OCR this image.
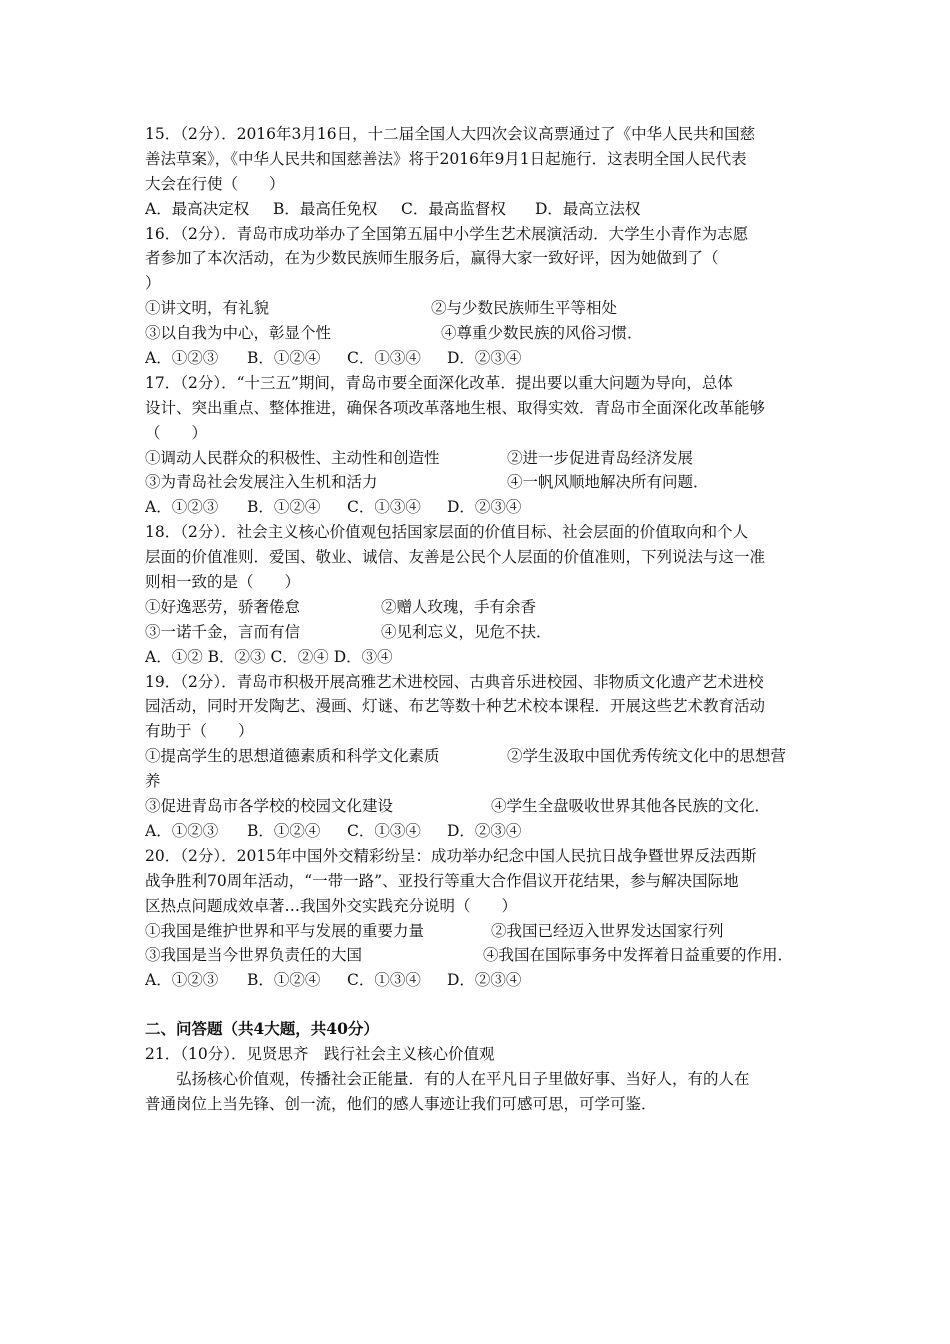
15．（2分）．2016年3月16日，十二届全国人大四次会议高票通过了《中华人民共和国慈
善法草案》，《中华人民共和国慈善法》将于2016年9月1日起施行．这表明全国人民代表
大会在行使（　　）
A．最高决定权 B．最高任免权 C．最高监督权 D．最高立法权
16．（2分）．青岛市成功举办了全国第五届中小学生艺术展演活动．大学生小青作为志愿
者参加了本次活动，在为少数民族师生服务后，赢得大家一致好评，因为她做到了（
）
①讲文明，有礼貌	②与少数民族师生平等相处
③以自我为中心，彰显个性	④尊重少数民族的风俗习惯．
A．①②③ B．①②④ C．①③④ D．②③④
17．（2分）．“十三五”期间，青岛市要全面深化改革．提出要以重大问题为导向，总体
设计、突出重点、整体推进，确保各项改革落地生根、取得实效．青岛市全面深化改革能够
（　　）
①调动人民群众的积极性、主动性和创造性	②进一步促进青岛经济发展
③为青岛社会发展注入生机和活力	④一帆风顺地解决所有问题．
A．①②③ B．①②④ C．①③④ D．②③④
18．（2分）．社会主义核心价值观包括国家层面的价值目标、社会层面的价值取向和个人
层面的价值准则．爱国、敬业、诚信、友善是公民个人层面的价值准则，下列说法与这一准
则相一致的是（　　）
①好逸恶劳，骄奢倦怠	②赠人玫瑰，手有余香
③一诺千金，言而有信	④见利忘义，见危不扶．
A．①② B．②③ C．②④ D．③④
19．（2分）．青岛市积极开展高雅艺术进校园、古典音乐进校园、非物质文化遗产艺术进校
园活动，同时开发陶艺、漫画、灯谜、布艺等数十种艺术校本课程．开展这些艺术教育活动
有助于（　　）
①提高学生的思想道德素质和科学文化素质	②学生汲取中国优秀传统文化中的思想营
养
③促进青岛市各学校的校园文化建设	④学生全盘吸收世界其他各民族的文化．
A．①②③ B．①②④ C．①③④ D．②③④
20．（2分）．2015年中国外交精彩纷呈：成功举办纪念中国人民抗日战争暨世界反法西斯
战争胜利70周年活动，“一带一路”、亚投行等重大合作倡议开花结果，参与解决国际地
区热点问题成效卓著…我国外交实践充分说明（　　）
①我国是维护世界和平与发展的重要力量	②我国已经迈入世界发达国家行列
③我国是当今世界负责任的大国	④我国在国际事务中发挥着日益重要的作用．
A．①②③ B．①②④ C．①③④ D．②③④
二、问答题（共4大题，共40分）
21．（10分）．见贤思齐　践行社会主义核心价值观
弘扬核心价值观，传播社会正能量．有的人在平凡日子里做好事、当好人，有的人在
普通岗位上当先锋、创一流，他们的感人事迹让我们可感可思，可学可鉴．
